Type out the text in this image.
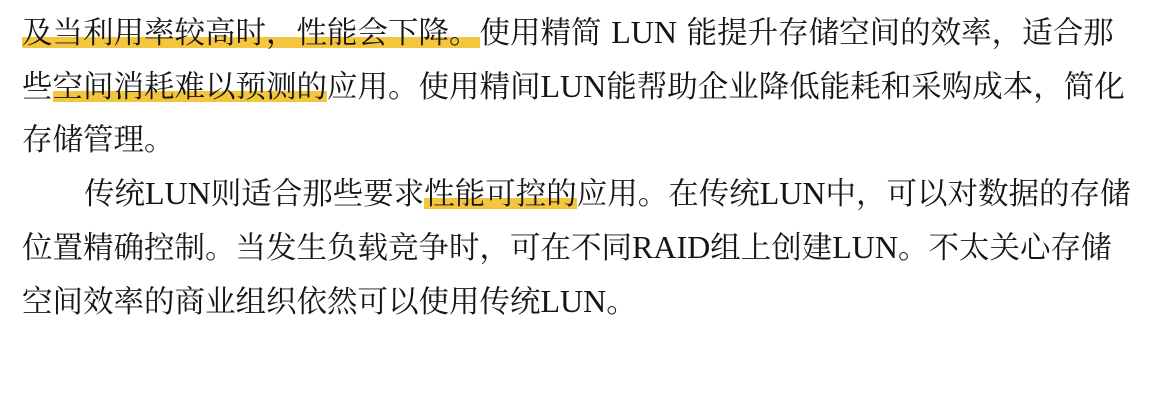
及当利用率较高时，性能会下降。使用精简 LUN 能提升存储空间的效率，适合那些空间消耗难以预测的应用。使用精间LUN能帮助企业降低能耗和采购成本，简化存储管理。

传统LUN则适合那些要求性能可控的应用。在传统LUN中，可以对数据的存储位置精确控制。当发生负载竞争时，可在不同RAID组上创建LUN。不太关心存储空间效率的商业组织依然可以使用传统LUN。
